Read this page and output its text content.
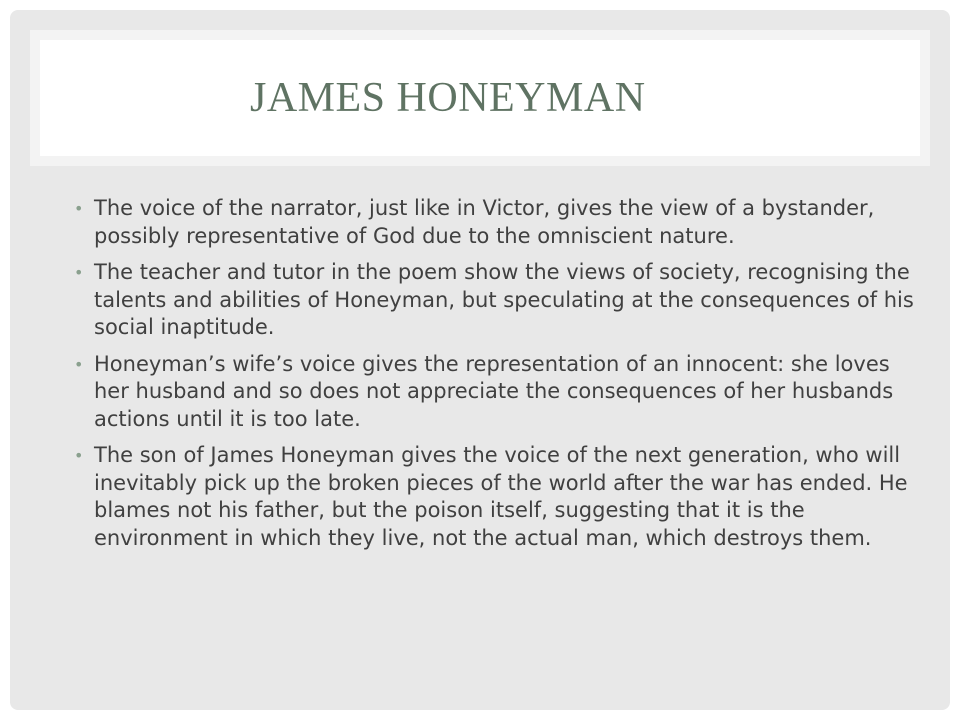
JAMES HONEYMAN
• The voice of the narrator, just like in Victor, gives the view of a bystander, possibly representative of God due to the omniscient nature.
• The teacher and tutor in the poem show the views of society, recognising the talents and abilities of Honeyman, but speculating at the consequences of his social inaptitude.
• Honeyman’s wife’s voice gives the representation of an innocent: she loves her husband and so does not appreciate the consequences of her husbands actions until it is too late.
• The son of James Honeyman gives the voice of the next generation, who will inevitably pick up the broken pieces of the world after the war has ended. He blames not his father, but the poison itself, suggesting that it is the environment in which they live, not the actual man, which destroys them.
